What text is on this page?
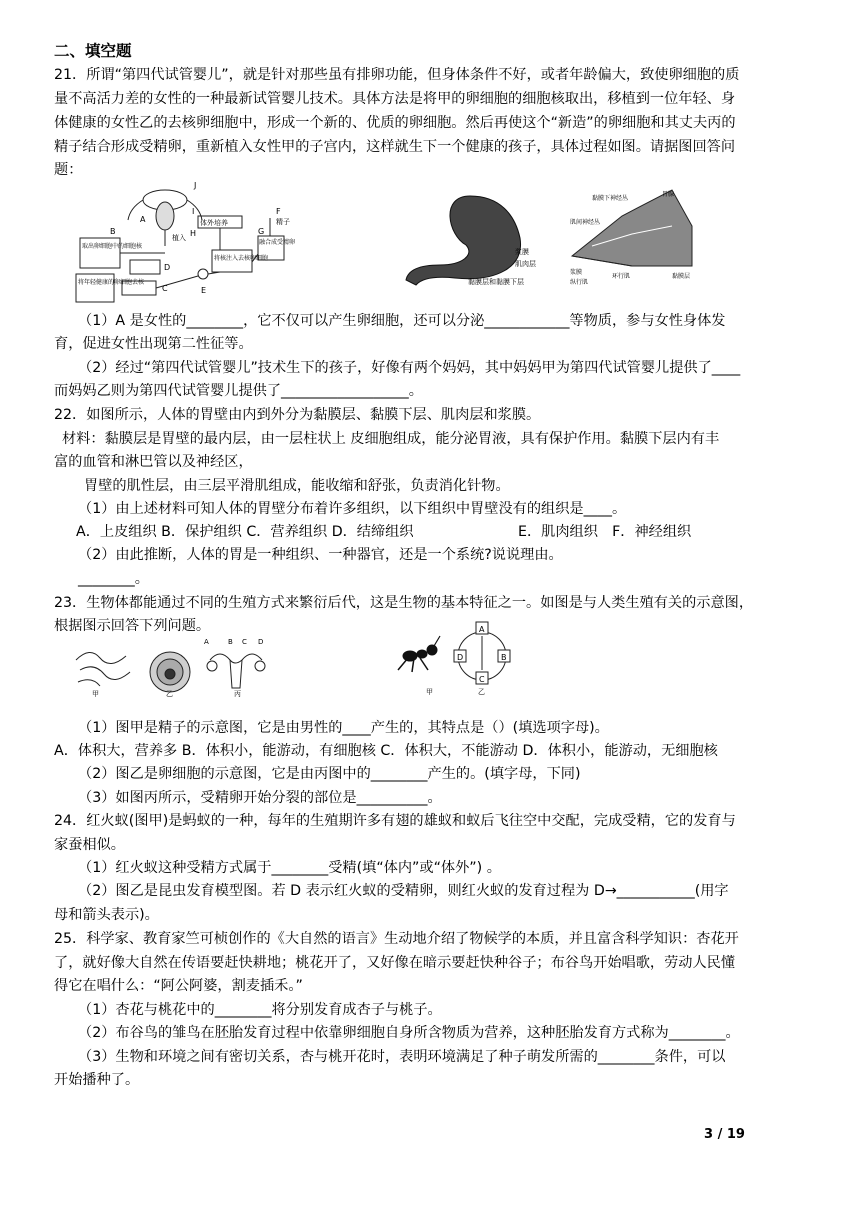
二、填空题
21．所谓“第四代试管婴儿”，就是针对那些虽有排卵功能，但身体条件不好，或者年龄偏大，致使卵细胞的质
量不高活力差的女性的一种最新试管婴儿技术。具体方法是将甲的卵细胞的细胞核取出，移植到一位年轻、身
体健康的女性乙的去核卵细胞中，形成一个新的、优质的卵细胞。然后再使这个“新造”的卵细胞和其丈夫丙的
精子结合形成受精卵，重新植入女性甲的子宫内，这样就生下一个健康的孩子，具体过程如图。请据图回答问
题：
J
A
B
C
D
E
F
G
H
I
取出卵细胞中的细胞核
体外培养
植入
将核注入去核卵细胞
融合成受精卵
将年轻健康的卵细胞去核
精子
浆膜
肌肉层
黏膜层和黏膜下层
黏膜下神经丛
胃腺
肌间神经丛
浆膜
纵行肌
环行肌	黏膜层
（1）A 是女性的________，它不仅可以产生卵细胞，还可以分泌____________等物质，参与女性身体发
育，促进女性出现第二性征等。
（2）经过“第四代试管婴儿”技术生下的孩子，好像有两个妈妈，其中妈妈甲为第四代试管婴儿提供了____
而妈妈乙则为第四代试管婴儿提供了__________________。
22．如图所示，人体的胃壁由内到外分为黏膜层、黏膜下层、肌肉层和浆膜。
材料：黏膜层是胃壁的最内层，由一层柱状上 皮细胞组成，能分泌胃液，具有保护作用。黏膜下层内有丰
富的血管和淋巴管以及神经区，
胃壁的肌性层，由三层平滑肌组成，能收缩和舒张，负责消化针物。
（1）由上述材料可知人体的胃壁分布着许多组织，以下组织中胃壁没有的组织是____。
A．上皮组织 B．保护组织 C．营养组织 D．结缔组织	E．肌肉组织　F．神经组织
（2）由此推断，人体的胃是一种组织、一种器官，还是一个系统?说说理由。
________。
23．生物体都能通过不同的生殖方式来繁衍后代，这是生物的基本特征之一。如图是与人类生殖有关的示意图，
根据图示回答下列问题。
甲	乙	丙
A	B C D
A
B
C
D
甲	乙
（1）图甲是精子的示意图，它是由男性的____产生的，其特点是（）(填选项字母)。
A．体积大，营养多 B．体积小，能游动，有细胞核 C．体积大，不能游动 D．体积小，能游动，无细胞核
（2）图乙是卵细胞的示意图，它是由丙图中的________产生的。(填字母，下同)
（3）如图丙所示，受精卵开始分裂的部位是__________。
24．红火蚁(图甲)是蚂蚁的一种，每年的生殖期许多有翅的雄蚁和蚁后飞往空中交配，完成受精，它的发育与
家蚕相似。
（1）红火蚁这种受精方式属于________受精(填“体内”或“体外”) 。
（2）图乙是昆虫发育模型图。若 D 表示红火蚁的受精卵，则红火蚁的发育过程为 D→___________(用字
母和箭头表示)。
25．科学家、教育家竺可桢创作的《大自然的语言》生动地介绍了物候学的本质，并且富含科学知识：杏花开
了，就好像大自然在传语要赶快耕地；桃花开了，又好像在暗示要赶快种谷子；布谷鸟开始唱歌，劳动人民懂
得它在唱什么：“阿公阿婆，割麦插禾。”
（1）杏花与桃花中的________将分别发育成杏子与桃子。
（2）布谷鸟的雏鸟在胚胎发育过程中依靠卵细胞自身所含物质为营养，这种胚胎发育方式称为________。
（3）生物和环境之间有密切关系，杏与桃开花时，表明环境满足了种子萌发所需的________条件，可以
开始播种了。
3 / 19
